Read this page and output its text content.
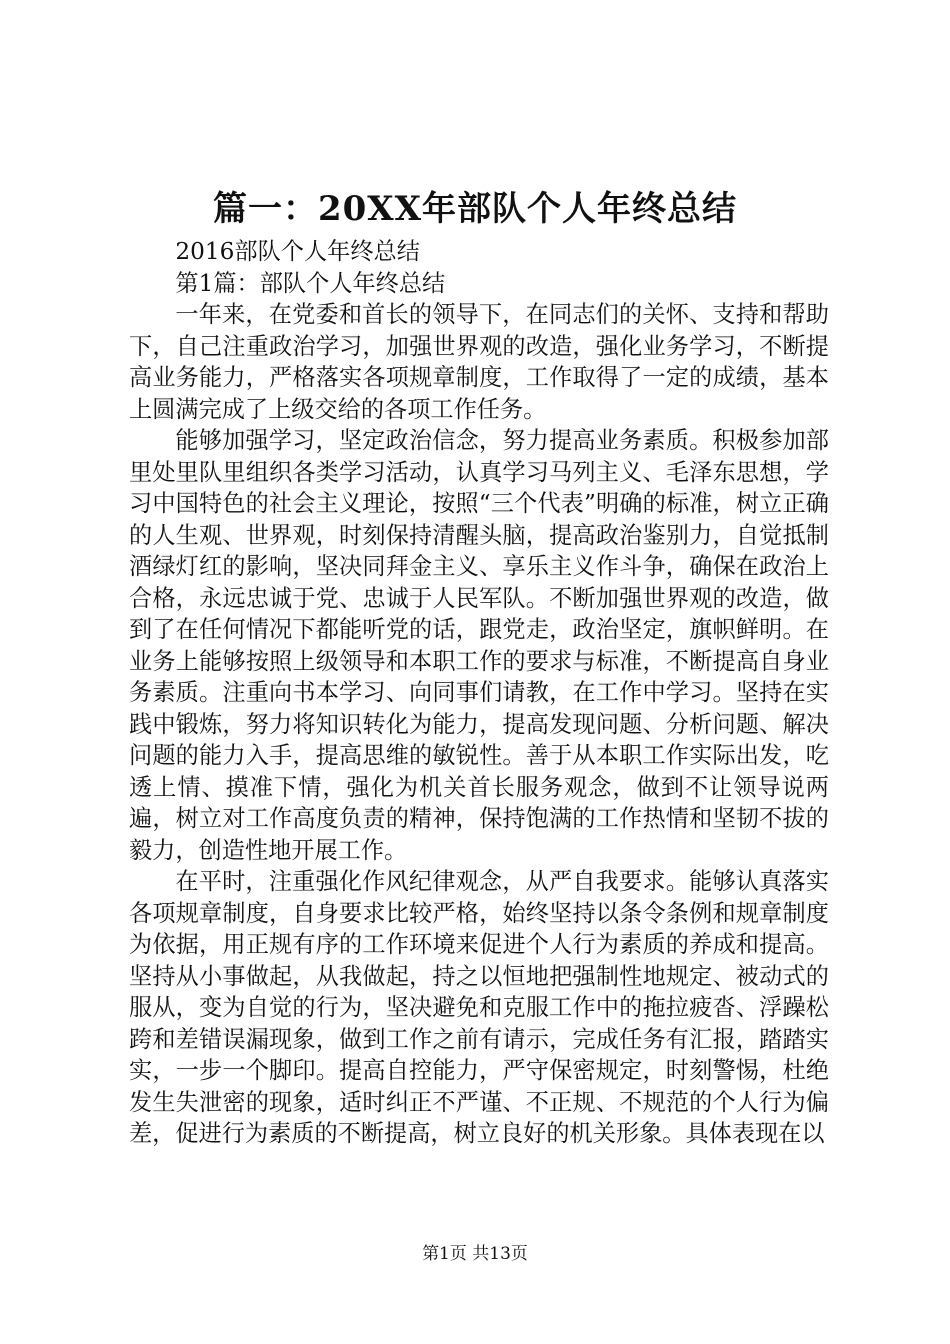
篇一：20XX年部队个人年终总结

2016部队个人年终总结

第1篇：部队个人年终总结

一年来，在党委和首长的领导下，在同志们的关怀、支持和帮助下，自己注重政治学习，加强世界观的改造，强化业务学习，不断提高业务能力，严格落实各项规章制度，工作取得了一定的成绩，基本上圆满完成了上级交给的各项工作任务。

能够加强学习，坚定政治信念，努力提高业务素质。积极参加部里处里队里组织各类学习活动，认真学习马列主义、毛泽东思想，学习中国特色的社会主义理论，按照“三个代表”明确的标准，树立正确的人生观、世界观，时刻保持清醒头脑，提高政治鉴别力，自觉抵制酒绿灯红的影响，坚决同拜金主义、享乐主义作斗争，确保在政治上合格，永远忠诚于党、忠诚于人民军队。不断加强世界观的改造，做到了在任何情况下都能听党的话，跟党走，政治坚定，旗帜鲜明。在业务上能够按照上级领导和本职工作的要求与标准，不断提高自身业务素质。注重向书本学习、向同事们请教，在工作中学习。坚持在实践中锻炼，努力将知识转化为能力，提高发现问题、分析问题、解决问题的能力入手，提高思维的敏锐性。善于从本职工作实际出发，吃透上情、摸准下情，强化为机关首长服务观念，做到不让领导说两遍，树立对工作高度负责的精神，保持饱满的工作热情和坚韧不拔的毅力，创造性地开展工作。

在平时，注重强化作风纪律观念，从严自我要求。能够认真落实各项规章制度，自身要求比较严格，始终坚持以条令条例和规章制度为依据，用正规有序的工作环境来促进个人行为素质的养成和提高。坚持从小事做起，从我做起，持之以恒地把强制性地规定、被动式的服从，变为自觉的行为，坚决避免和克服工作中的拖拉疲沓、浮躁松跨和差错误漏现象，做到工作之前有请示，完成任务有汇报，踏踏实实，一步一个脚印。提高自控能力，严守保密规定，时刻警惕，杜绝发生失泄密的现象，适时纠正不严谨、不正规、不规范的个人行为偏差，促进行为素质的不断提高，树立良好的机关形象。具体表现在以

第1页 共13页
